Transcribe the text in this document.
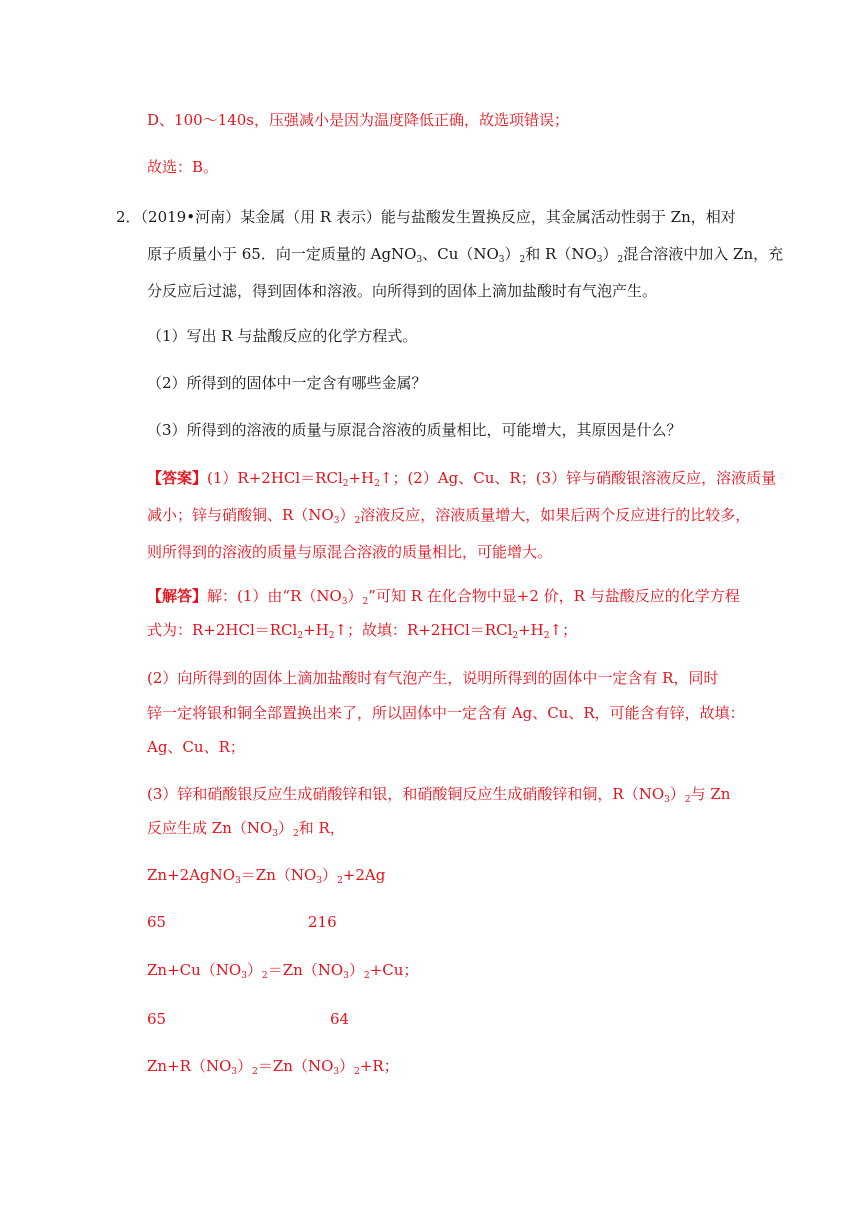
D、100～140s，压强减小是因为温度降低正确，故选项错误；
故选：B。
2．（2019•河南）某金属（用 R 表示）能与盐酸发生置换反应，其金属活动性弱于 Zn，相对
原子质量小于 65．向一定质量的 AgNO$_3$、$Cu(NO_3)_2$和 $R(NO_3)_2$混合溶液中加入 Zn，充
分反应后过滤，得到固体和溶液。向所得到的固体上滴加盐酸时有气泡产生。
（1）写出 R 与盐酸反应的化学方程式。
（2）所得到的固体中一定含有哪些金属？
（3）所得到的溶液的质量与原混合溶液的质量相比，可能增大，其原因是什么？
【答案】$(1)R+2HCl=RCl_2+H_2↑$；(2）Ag、Cu、R；(3）锌与硝酸银溶液反应，溶液质量
减小；锌与硝酸铜、$R(NO_3)_2$溶液反应，溶液质量增大，如果后两个反应进行的比较多，
则所得到的溶液的质量与原混合溶液的质量相比，可能增大。
【解答】解：(1）由“$R(NO_3)_2$”可知 R 在化合物中显+2 价，R 与盐酸反应的化学方程
式为：$R+2HCl=RCl_2+H_2↑$；故填：$R+2HCl=RCl_2+H_2↑$；
(2）向所得到的固体上滴加盐酸时有气泡产生，说明所得到的固体中一定含有 R，同时
锌一定将银和铜全部置换出来了，所以固体中一定含有 Ag、Cu、R，可能含有锌，故填：
Ag、Cu、R；
(3）锌和硝酸银反应生成硝酸锌和银，和硝酸铜反应生成硝酸锌和铜，$R(NO_3)_2$与 Zn
反应生成 $Zn(NO_3)_2$和 R，
$Zn+2AgNO_3=Zn(NO_3)_2+2Ag$
65	216
$Zn+Cu(NO_3)_2=Zn(NO_3)_2+Cu$；
65	64
$Zn+R(NO_3)_2=Zn(NO_3)_2+R$；
